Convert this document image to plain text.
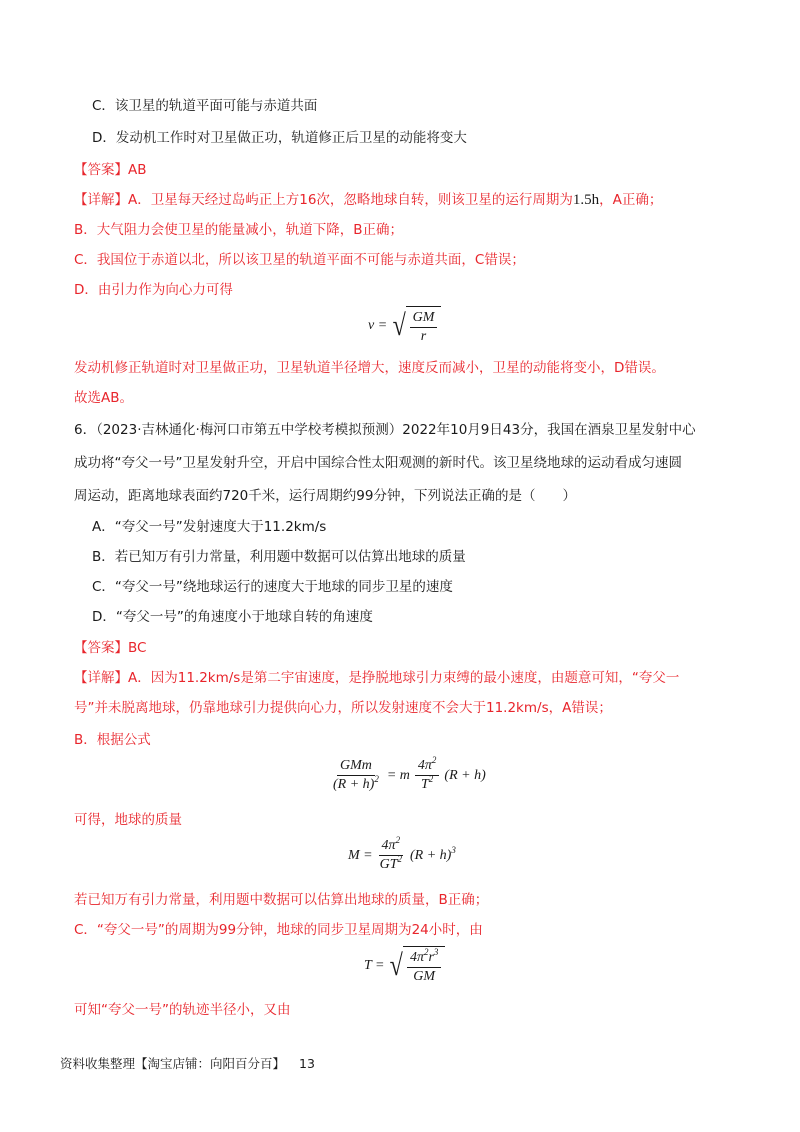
C．该卫星的轨道平面可能与赤道共面
D．发动机工作时对卫星做正功，轨道修正后卫星的动能将变大
【答案】AB
【详解】A．卫星每天经过岛屿正上方16次，忽略地球自转，则该卫星的运行周期为1.5h，A正确；
B．大气阻力会使卫星的能量减小，轨道下降，B正确；
C．我国位于赤道以北，所以该卫星的轨道平面不可能与赤道共面，C错误；
D．由引力作为向心力可得
v = √ $\frac{GM}{r}$
发动机修正轨道时对卫星做正功，卫星轨道半径增大，速度反而减小，卫星的动能将变小，D错误。
故选AB。
6．（2023·吉林通化·梅河口市第五中学校考模拟预测）2022年10月9日43分，我国在酒泉卫星发射中心
成功将“夸父一号”卫星发射升空，开启中国综合性太阳观测的新时代。该卫星绕地球的运动看成匀速圆
周运动，距离地球表面约720千米，运行周期约99分钟，下列说法正确的是（　　）
A．“夸父一号”发射速度大于11.2km/s
B．若已知万有引力常量，利用题中数据可以估算出地球的质量
C．“夸父一号”绕地球运行的速度大于地球的同步卫星的速度
D．“夸父一号”的角速度小于地球自转的角速度
【答案】BC
【详解】A．因为11.2km/s是第二宇宙速度，是挣脱地球引力束缚的最小速度，由题意可知，“夸父一
号”并未脱离地球，仍靠地球引力提供向心力，所以发射速度不会大于11.2km/s，A错误；
B．根据公式
$\frac{\text{GMm}}{(R + h)^2} = m \frac{4\pi^2}{T^2} (R + h)$
可得，地球的质量
$M = \frac{4\pi^2}{GT^2} (R + h)^3$
若已知万有引力常量，利用题中数据可以估算出地球的质量，B正确；
C．“夸父一号”的周期为99分钟，地球的同步卫星周期为24小时，由
T = √ $\frac{4\pi^2r^3}{GM}$
可知“夸父一号”的轨迹半径小，又由
资料收集整理【淘宝店铺：向阳百分百】 13
